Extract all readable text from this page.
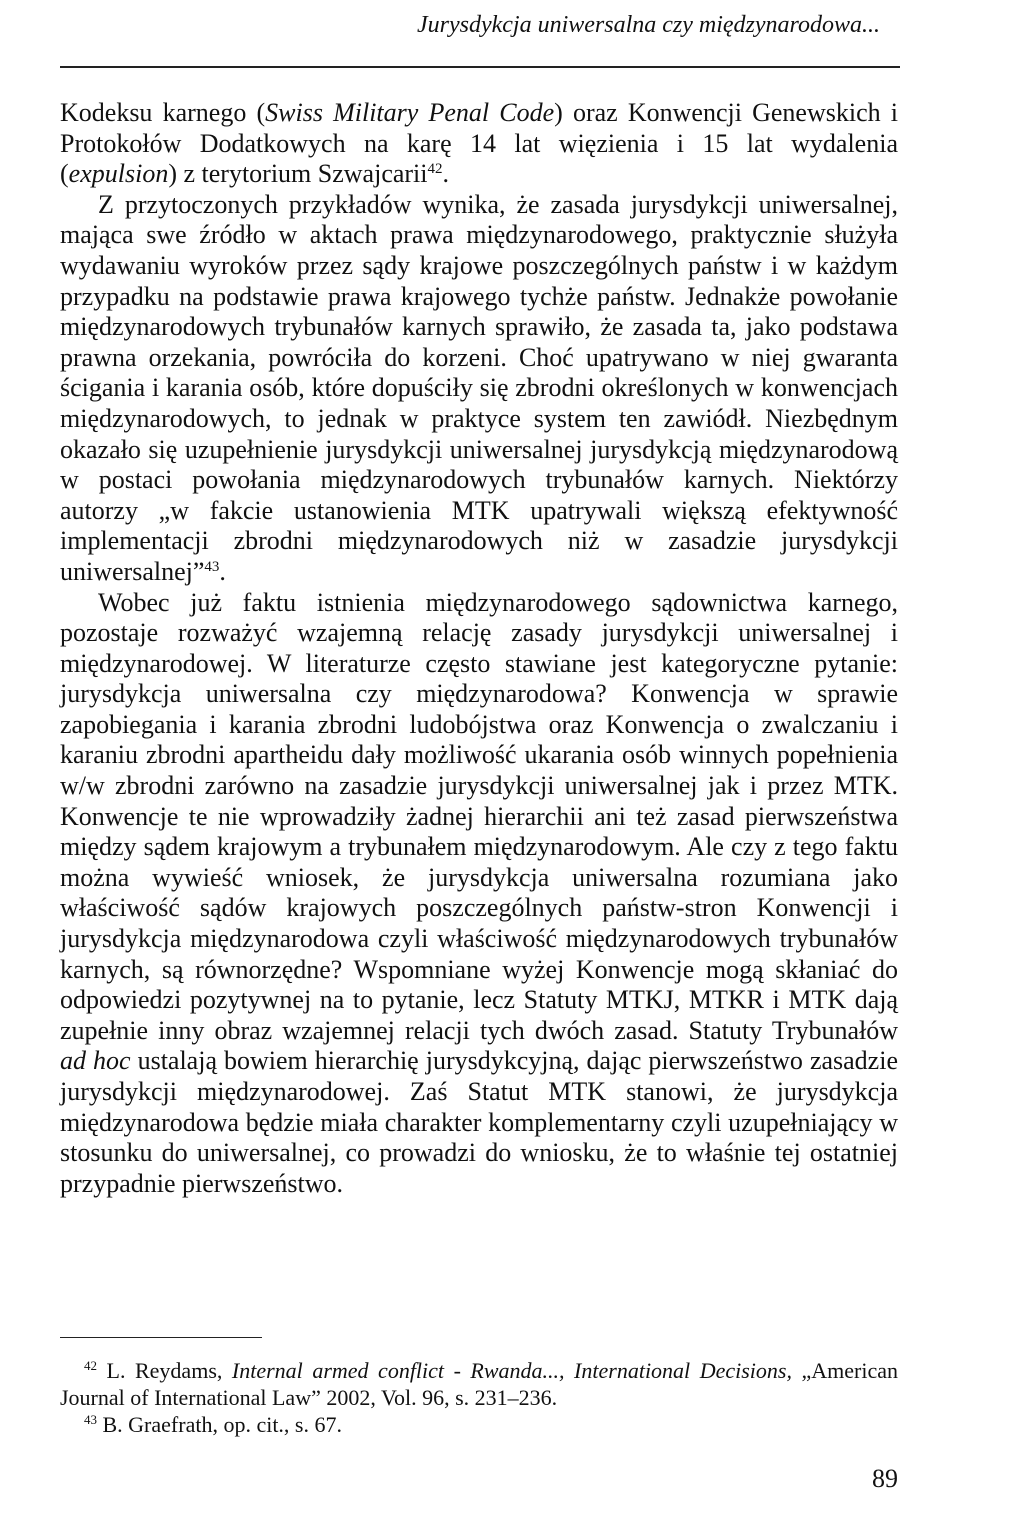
Jurysdykcja uniwersalna czy międzynarodowa...

Kodeksu karnego (Swiss Military Penal Code) oraz Konwencji Genewskich i Protokołów Dodatkowych na karę 14 lat więzienia i 15 lat wydalenia (expulsion) z terytorium Szwajcarii$^{42}$.

Z przytoczonych przykładów wynika, że zasada jurysdykcji uniwersalnej, mająca swe źródło w aktach prawa międzynarodowego, praktycznie służyła wydawaniu wyroków przez sądy krajowe poszczególnych państw i w każdym przypadku na podstawie prawa krajowego tychże państw. Jednakże powołanie międzynarodowych trybunałów karnych sprawiło, że zasada ta, jako podstawa prawna orzekania, powróciła do korzeni. Choć upatrywano w niej gwaranta ścigania i karania osób, które dopuściły się zbrodni określonych w konwencjach międzynarodowych, to jednak w praktyce system ten zawiódł. Niezbędnym okazało się uzupełnienie jurysdykcji uniwersalnej jurysdykcją międzynarodową w postaci powołania międzynarodowych trybunałów karnych. Niektórzy autorzy „w fakcie ustanowienia MTK upatrywali większą efektywność implementacji zbrodni międzynarodowych niż w zasadzie jurysdykcji uniwersalnej”$^{43}$.

Wobec już faktu istnienia międzynarodowego sądownictwa karnego, pozostaje rozważyć wzajemną relację zasady jurysdykcji uniwersalnej i międzynarodowej. W literaturze często stawiane jest kategoryczne pytanie: jurysdykcja uniwersalna czy międzynarodowa? Konwencja w sprawie zapobiegania i karania zbrodni ludobójstwa oraz Konwencja o zwalczaniu i karaniu zbrodni apartheidu dały możliwość ukarania osób winnych popełnienia w/w zbrodni zarówno na zasadzie jurysdykcji uniwersalnej jak i przez MTK. Konwencje te nie wprowadziły żadnej hierarchii ani też zasad pierwszeństwa między sądem krajowym a trybunałem międzynarodowym. Ale czy z tego faktu można wywieść wniosek, że jurysdykcja uniwersalna rozumiana jako właściwość sądów krajowych poszczególnych państw-stron Konwencji i jurysdykcja międzynarodowa czyli właściwość międzynarodowych trybunałów karnych, są równorzędne? Wspomniane wyżej Konwencje mogą skłaniać do odpowiedzi pozytywnej na to pytanie, lecz Statuty MTKJ, MTKR i MTK dają zupełnie inny obraz wzajemnej relacji tych dwóch zasad. Statuty Trybunałów ad hoc ustalają bowiem hierarchię jurysdykcyjną, dając pierwszeństwo zasadzie jurysdykcji międzynarodowej. Zaś Statut MTK stanowi, że jurysdykcja międzynarodowa będzie miała charakter komplementarny czyli uzupełniający w stosunku do uniwersalnej, co prowadzi do wniosku, że to właśnie tej ostatniej przypadnie pierwszeństwo.

$^{42}$ L. Reydams, Internal armed conflict - Rwanda..., International Decisions, „American Journal of International Law” 2002, Vol. 96, s. 231–236.

$^{43}$ B. Graefrath, op. cit., s. 67.

89
